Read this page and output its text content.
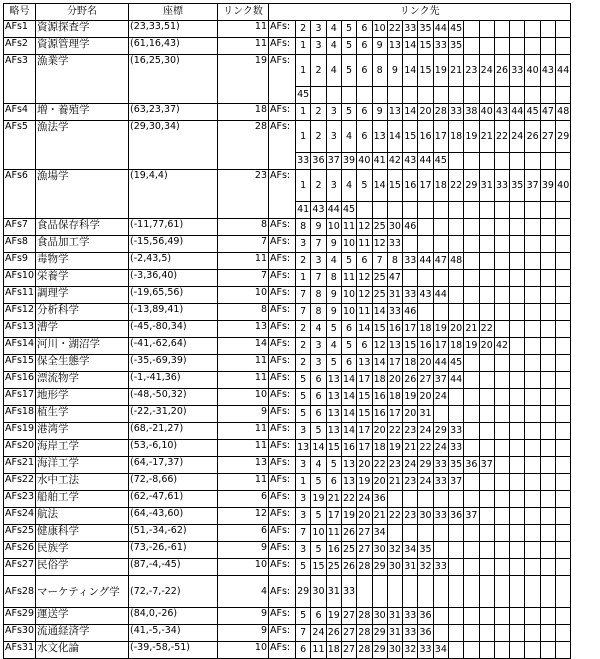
略号	分野名	座標	リンク数	リンク先																		
AFs1	資源探査学	(23,33,51)	11	AFs:	2	3	4	5	6	10	22	33	35	44	45							
AFs2	資源管理学	(61,16,43)	11	AFs:	1	3	4	5	6	9	13	14	15	33	35							
AFs3	漁業学	(16,25,30)	19	AFs:	1	2	4	5	6	8	9	14	15	19	21	23	24	26	33	40	43	44
					45																	
AFs4	増・養殖学	(63,23,37)	18	AFs:	1	2	3	5	6	9	13	14	20	28	33	38	40	43	44	45	47	48
AFs5	漁法学	(29,30,34)	28	AFs:	1	2	3	4	6	13	14	15	16	17	18	19	21	22	24	26	27	29
					33	36	37	39	40	41	42	43	44	45								
AFs6	漁場学	(19,4,4)	23	AFs:	1	2	3	4	5	14	15	16	17	18	22	29	31	33	35	37	39	40
					41	43	44	45														
AFs7	食品保存科学	(-11,77,61)	8	AFs:	8	9	10	11	12	25	30	46										
AFs8	食品加工学	(-15,56,49)	7	AFs:	3	7	9	10	11	12	33											
AFs9	毒物学	(-2,43,5)	11	AFs:	2	3	4	5	6	7	8	33	44	47	48							
AFs10	栄養学	(-3,36,40)	7	AFs:	1	7	8	11	12	25	47											
AFs11	調理学	(-19,65,56)	10	AFs:	7	8	9	10	12	25	31	33	43	44								
AFs12	分析科学	(-13,89,41)	8	AFs:	7	8	9	10	11	14	33	46										
AFs13	漕学	(-45,-80,34)	13	AFs:	2	4	5	6	14	15	16	17	18	19	20	21	22					
AFs14	河川・湖沼学	(-41,-62,64)	14	AFs:	2	3	4	5	6	12	13	15	16	17	18	19	20	42				
AFs15	保全生態学	(-35,-69,39)	11	AFs:	2	3	5	6	13	14	17	18	20	44	45							
AFs16	漂流物学	(-1,-41,36)	11	AFs:	5	6	13	14	17	18	20	26	27	37	44							
AFs17	地形学	(-48,-50,32)	10	AFs:	5	6	13	14	15	16	18	19	20	24								
AFs18	植生学	(-22,-31,20)	9	AFs:	5	6	13	14	15	16	17	20	31									
AFs19	港湾学	(68,-21,27)	11	AFs:	3	5	13	14	17	20	22	23	24	29	33							
AFs20	海岸工学	(53,-6,10)	11	AFs:	13	14	15	16	17	18	19	21	22	24	33							
AFs21	海洋工学	(64,-17,37)	13	AFs:	3	4	5	13	20	22	23	24	29	33	35	36	37					
AFs22	水中工法	(72,-8,66)	11	AFs:	1	5	6	13	19	20	21	23	24	33	37							
AFs23	船舶工学	(62,-47,61)	6	AFs:	3	19	21	22	24	36												
AFs24	航法	(64,-43,60)	12	AFs:	3	5	17	19	20	21	22	23	30	33	36	37						
AFs25	健康科学	(51,-34,-62)	6	AFs:	7	10	11	26	27	34												
AFs26	民族学	(73,-26,-61)	9	AFs:	3	5	16	25	27	30	32	34	35									
AFs27	民俗学	(87,-4,-45)	10	AFs:	5	15	25	26	28	29	30	31	32	33								
AFs28	マーケティング学	(72,-7,-22)	4	AFs:	29	30	31	33														
AFs29	運送学	(84,0,-26)	9	AFs:	5	6	19	27	28	30	31	33	36									
AFs30	流通経済学	(41,-5,-34)	9	AFs:	7	24	26	27	28	29	31	33	36									
AFs31	水文化論	(-39,-58,-51)	10	AFs:	6	11	18	27	28	29	30	32	33	34								
